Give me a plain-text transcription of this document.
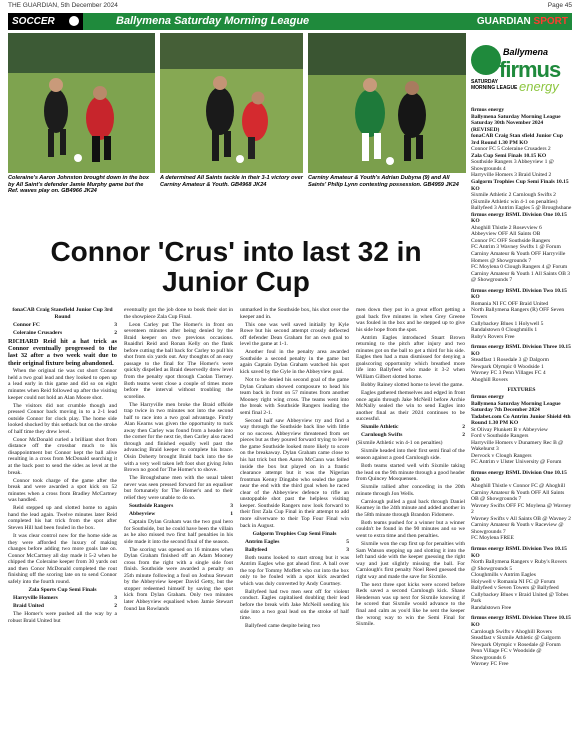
THE GUARDIAN, 5th December 2024	Page 45
SOCCER	Ballymena Saturday Morning League	GUARDIAN SPORT
Coleraine's Aaron Johnston brought down in the box by All Saint's defender Jamie Murphy game but the Ref. waves play on. GB4966 JK24
A determined All Saints tackle in their 3-1 victory over Carniny Amateur & Youth. GB4968 JK24
Carniny Amateur & Youth's Adrian Dubyna (9) and All Saints' Philip Lynn contesting possession. GB4959 JK24
Connor 'Crus' into last 32 in Junior Cup

fonaCAB Craig Stansfield Junior Cup 3rd Round

Connor FC	3

Coleraine Crusaders	2

RICHARD Reid hit a hat trick as Connor eventually progressed to the last 32 after a two week wait due to their original fixture being abandoned.

When the original tie was cut short Connor held a two goal lead and they looked to open up a lead early in this game and did so on eight minutes when Reid followed up after the visiting keeper could not hold an Alan Moore shot.

The visitors did not crumble though and pressed Connor back moving in to a 2-1 lead outside Connor for clock play. The home side looked shocked by this setback but on the stroke of half time they drew level.

Conor McDonald curled a brilliant shot from distance off the crossbar much to his disappointment but Connor kept the ball alive resulting in a cross from McDonald searching it at the back post to send the sides as level at the break.

Connor took charge of the game after the break and were awarded a spot kick on 52 minutes when a cross from Bradley McCartney was handled.

Reid stepped up and slotted home to again hand the lead again. Twelve minutes later Reid completed his hat trick from the spot after Steven Hill had been fouled in the box.

It was clear control now for the home side as they were afforded the luxury of making changes before adding two more goals late on. Connor McCartney all day made it 5-2 when he chipped the Coleraine keeper from 30 yards out and then Conor McDonald completed the rout finishing off the scoring late on to send Connor safely into the fourth round.

Zala Sports Cup Semi Finals

Harryville Homers	3

Braid United	2

The Homer's were pushed all the way by a robust Braid United but

eventually got the job done to book their slot in the showpiece Zala Cup Final.

Leon Carley put The Homer's in front on seventeen minutes after being denied by the Braid keeper on two previous occasions. Ruaidhri Reid and Ronan Kelly on the flank before cutting the ball back for Carley to pull his shot from six yards out. Any thoughts of an easy passage to the final for The Homer's were quickly dispelled as Braid deservedly drew level from the penalty spot through Caolan Tierney. Both teams went close a couple of times more before the interval without troubling the scoreline.

The Harryville men broke the Braid offside trap twice in two minutes not into the second half to race into a two goal advantage. Firstly Alan Kearns was given the opportunity to tuck away then Carley was found from a header into the corner for the next tie, then Carley also raced through and finished equally well past the advancing Braid keeper to complete his brace. Oisin Doherty brought Braid back into the tie with a very well taken left foot shot giving John Brown no good for The Homer's to shove.

The Broughshane men with the usual talent never was seen pressed forward for an equaliser but fortunately for The Homer's and to their relief they were unable to do so.

Southside Rangers	3

Abbeyview	1

Captain Dylan Graham was the two goal hero for Southside, but he could have been the villain as he also missed two first half penalties in his side made it into the second final of the season.

The scoring was opened on 16 minutes when Dylan Graham finished off an Adam Mooney cross from the right with a single side foot finish. Southside were awarded a penalty on 25th minute following a foul on Joshua Stewart by the Abbeyview keeper David Getty, but the stopper redeemed himself by saving the spot kick from Dylan Graham. Only two minutes later Abbeyview equalised when Jamie Stewart found Ian Rowlands

unmarked in the Southside box, his shot over the keeper and in.

This one was well saved initially by Kyle Rowe but his second attempt crossly deflected off defender Dean Graham for an own goal to level the game at 1-1.

Another foul in the penalty area awarded Southside a second penalty in the game but again Captain Dylan Graham watched his spot kick saved by the Gyle in the Abbeyview goal.

Not to be denied his second goal of the game Dylan Graham showed composure to head his team back in front on 57 minutes from another Mooney right wing cross. The teams went into the break with Southside Rangers leading the semi final 2-1.

Second half saw Abbeyview try and find a way through the Southside back line with little or no success. Abbeyview threatened from set pieces but as they poured forward trying to level the game Southside looked more likely to score on the breakaway. Dylan Graham came close to his hat trick but then Aaron McCann was felled inside the box but played on in a frantic clearance attempt but it was the Nigerian frontman Kenny Dingabo who sealed the game near the end with the third goal when he raced clear of the Abbeyview defence to rifle an unstoppable shot past the helpless visiting keeper. Southside Rangers now look forward to their first Zala Cup Final in their attempt to add more silverware to their Top Four Final win back in August.

Galgorm Trophies Cup Semi Finals

Antrim Eagles	5

Ballyfeed	3

Both teams looked to start strong but it was Antrim Eagles who got ahead first. A ball over the top for Tommy Moffett who cut into the box only to be fouled with a spot kick awarded which was duly converted by Andy Courtney.

Ballyfeed had two men sent off for violent conduct. Eagles capitalised doubling their lead before the break with Jake McNeill sending his side into a two goal lead on the stroke of half time.

Ballyfeed came despite being two

men down they put in a great effort getting a goal back five minutes in when Grey Greene was fouled in the box and he stepped up to give his side hope from the spot.

Antrim Eagles introduced Stuart Brown returning to the pitch after injury and two minutes got on the ball to get a third for his side. Eagles then had a man dismissed for denying a goalscoring opportunity which breathed more life into Ballyfeed who made it 3-2 when William Gilbert slotted home.

Bobby Rainey slotted home to level the game.

Eagles gathered themselves and edged in front once again through Jake McNeill before Archie McNally sealed the win to send Eagles into another final as their 2024 continues to be successful.

Sixmile Athletic	2

Carnlough Swifts	2

(Sixmile Athletic win 4-1 on penalties)

Sixmile headed into their first semi final of the season against a good Carnlough side.

Both teams started well with Sixmile taking the lead on the 9th minute through a good header from Quincey Mosquensen.

Sixmile rallied after conceding in the 20th minute through Jon Wells.

Carnlough pulled a goal back through Daniel Kearney in the 24th minute and added another in the 58th minute through Brandon Fidomere.

Both teams pushed for a winner but a winner couldn't be found in the 90 minutes and so we went to extra time and then penalties.

Sixmile won the cup first up for penalties with Sam Watson stepping up and slotting it into the left hand side with the keeper guessing the right way and just slightly missing the ball. For Carnlough's first penalty Noel Reed guessed the right way and made the save for Sixmile.

The next three spot kicks were scored before Reds saved a second Carnlough kick. Shane Henderson was up next for Sixmile knowing if he scored that Sixmile would advance to the final and calm as you'd like he sent the keeper the wrong way to win the Semi Final for Sixmile.

Ballymena
firmus
energy
SATURDAY
MORNING LEAGUE

firmus energy

Ballymena Saturday Morning League Saturday 30th November 2024 (REVISED)

fonaCAB Craig Stan sfield Junior Cup 3rd Round 1.30 PM KO

Connor FC 5 Coleraine Crusaders 2

Zala Cup Semi Finals 10.15 KO

Southside Rangers 3 Abbeyview 1 @ Showgrounds 4

Harryville Homers 3 Braid United 2

Galgorm Trophies Cup Semi Finals 10.15 KO

Sixmile Athletic 2 Carnlough Swifts 2 (Sixmile Athletic win 4-1 on penalties)

Ballyfeed 3 Antrim Eagles 5 @ Broughshane

firmus energy BSML Division One 10.15 KO

Ahoghill Thistle 2 Rosevview 6

Abbeyview OFF All Saints OB

Connor FC OFF Southside Rangers

FC Antrim 3 Wavney Swifts 1 @ Forum

Carniny Amateur & Youth OFF Harryville Homers @ Showgrounds 7

FC Moylena 0 Clough Rangers 4 @ Forum

Carniny Amateur & Youth 1 All Saints OB 3 @ Showgrounds 7

firmus energy BSML Division Two 10.15 KO

Romania NI FC OFF Braid United

North Ballymena Rangers (R) OFF Seven Towers

Cullybackey Blues 1 Holywell 5

Randalstown 0 Cloughmills 1

Ruby's Rovers Free

firmus energy BSML Division Three 10.15 KO

Steadfast 1 Rosedale 3 @ Dalgorm

Newpark Olympic 0 Woodside 1

Wavney FC 3 Penn Villages FC 4

Ahoghill Rovers

FIXTURES

firmus energy

Ballymena Saturday Morning League Saturday 7th December 2024

Tadabet.com Co Antrim Junior Shield 4th Round 1.30 PM KO

St Olivay Plunkett B v Abbeyview

Ford v Southside Rangers

Harryville Homers v Dunamery Rec B @ Wakehurst 3

Dervock v Clough Rangers

FC Antrim v Ulster University @ Forum

firmus energy BSML Division One 10.15 KO

Ahoghill Thistle v Connor FC @ Ahoghill

Carniny Amateur & Youth OFF All Saints OB @ Showgrounds 7

Wavney Swifts OFF FC Moylena @ Wavney 2

Wavney Swifts v All Saints OB @ Wavney 2

Carniny Amateur & Youth v Raceview @ Showgrounds 7

FC Moylena FREE

firmus energy BSML Division Two 10.15 KO

North Ballymena Rangers v Ruby's Rovers @ Showgrounds 5

Cloughmills v Antrim Eagles

Holywell v Romania NI FC @ Forum

Ballyfeed v Seven Towers @ Ballyfeed

Cullybackey Blues v Braid United @ Tobes Park

Randalstown Free

firmus energy BSML Division Three 10.15 KO

Carnlough Swifts v Ahoghill Rovers

Steadfast v Sixmile Athletic @ Galgorm

Newpark Olympic v Rosedale @ Forum

Penn Village FC v Woodside @ Showgrounds 6

Wavney FC Free
